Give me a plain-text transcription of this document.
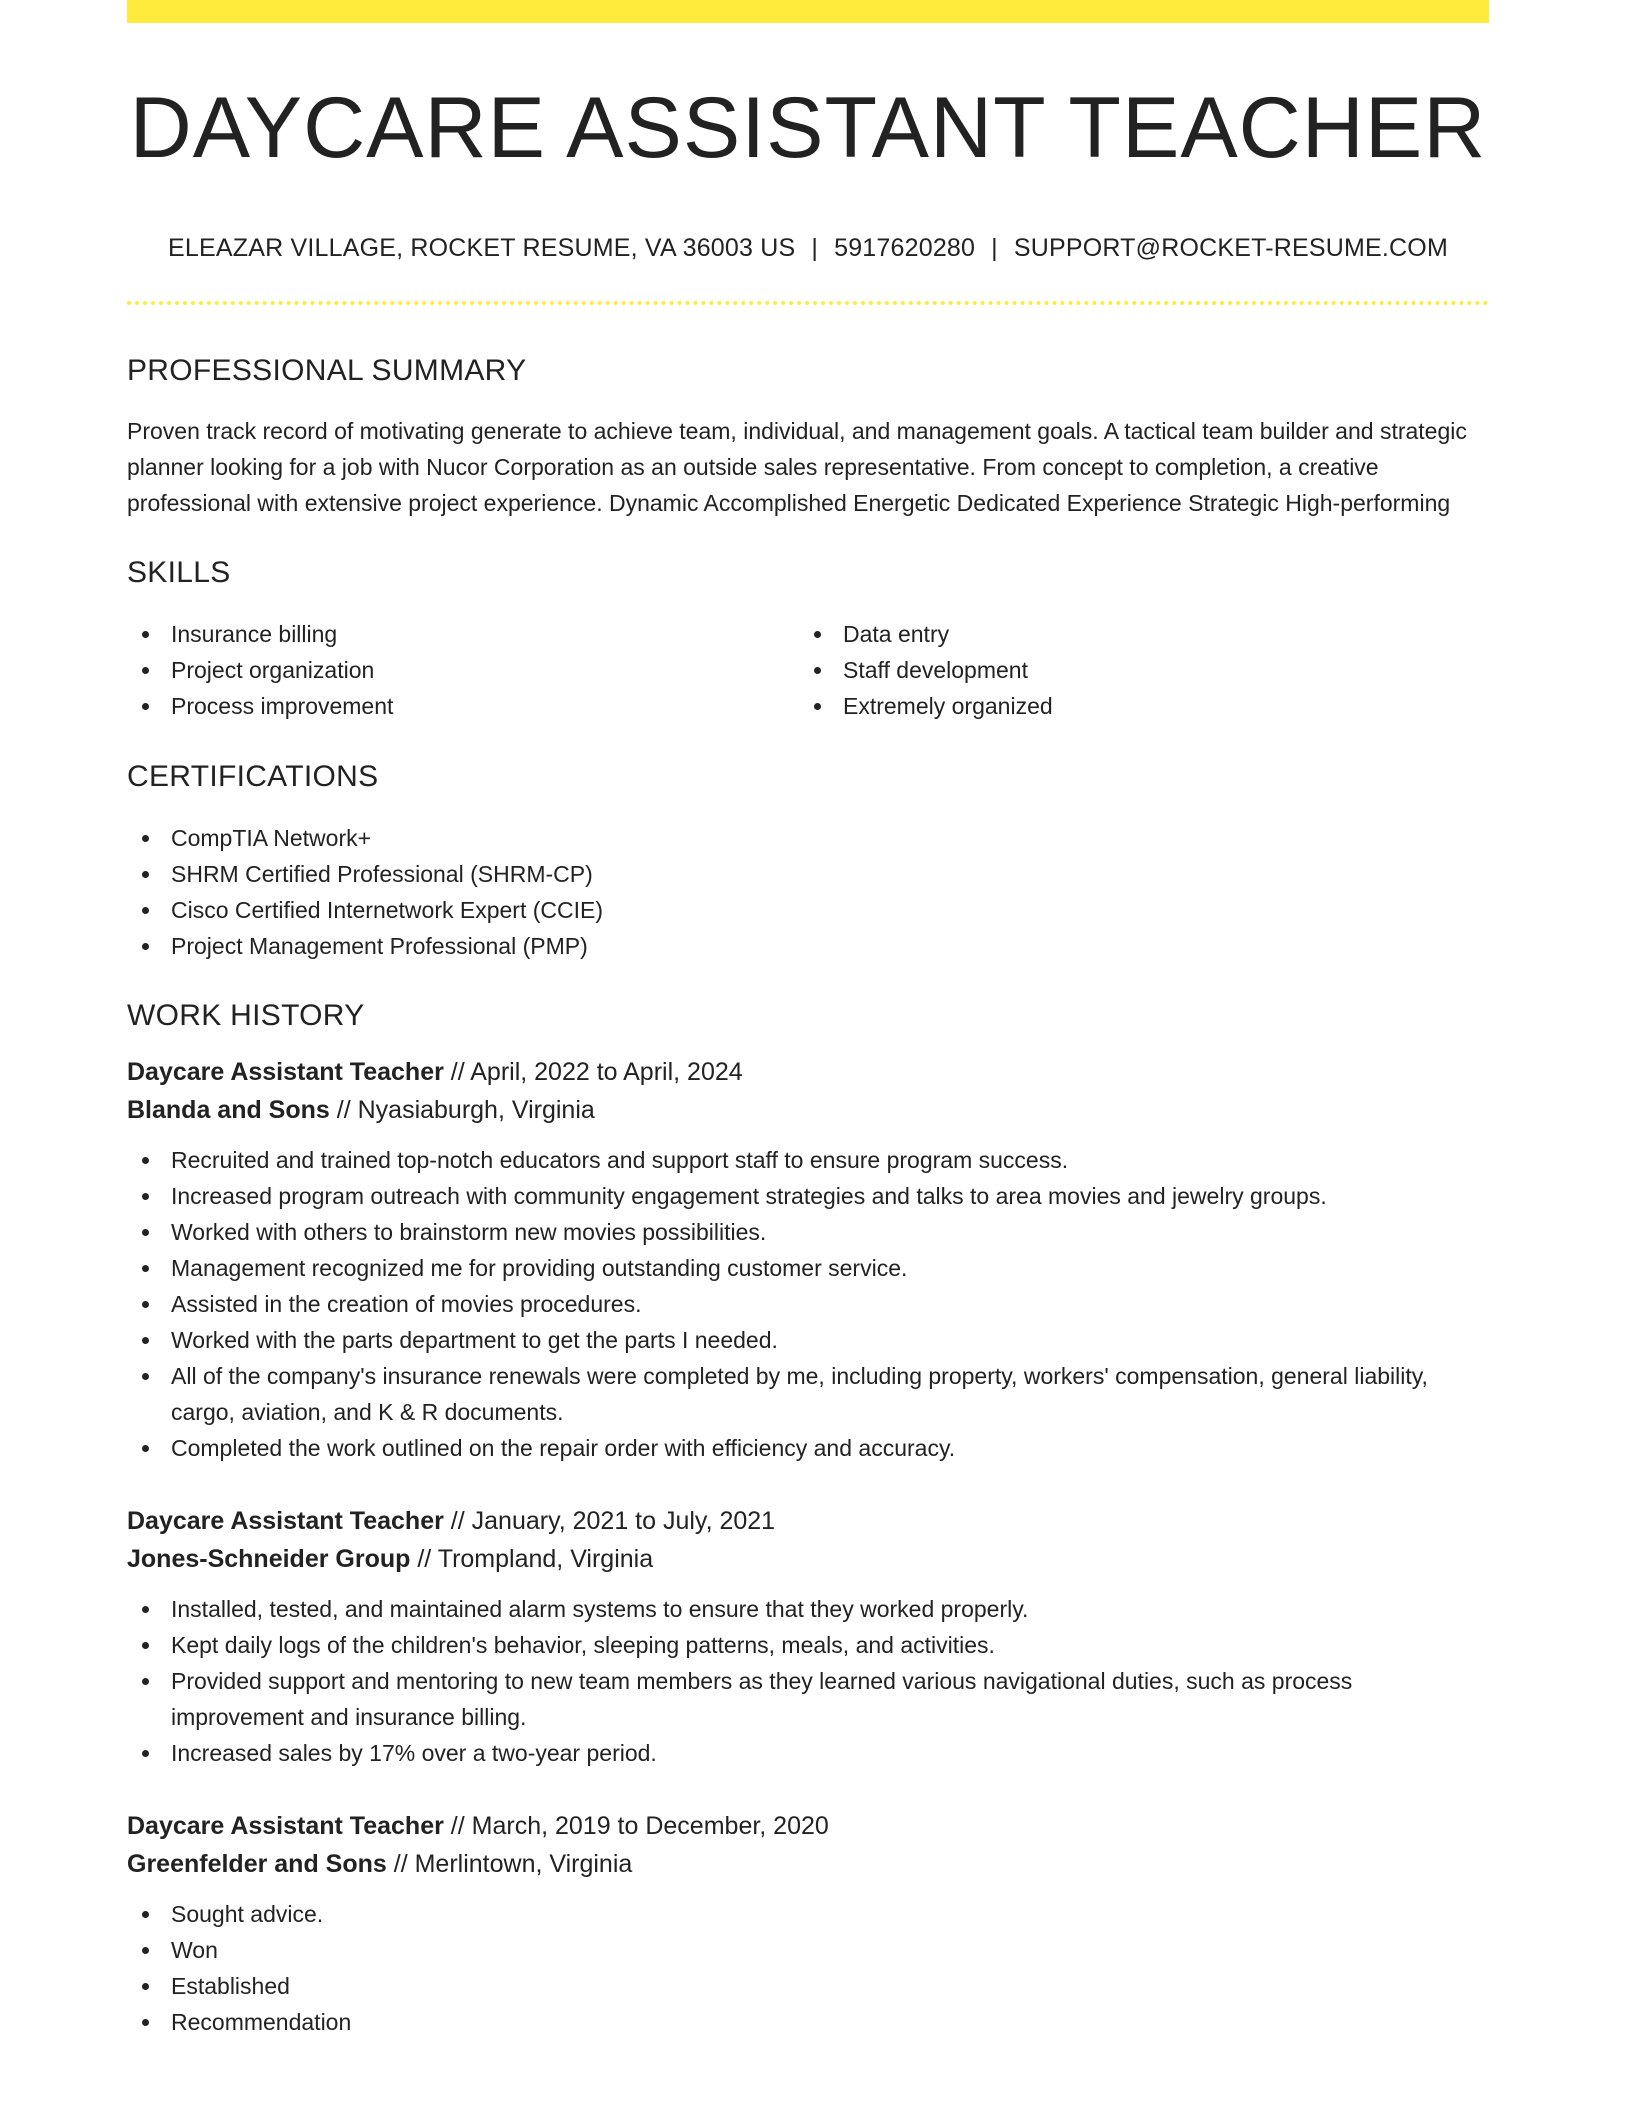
DAYCARE ASSISTANT TEACHER
ELEAZAR VILLAGE, ROCKET RESUME, VA 36003 US | 5917620280 | SUPPORT@ROCKET-RESUME.COM
PROFESSIONAL SUMMARY

Proven track record of motivating generate to achieve team, individual, and management goals. A tactical team builder and strategic planner looking for a job with Nucor Corporation as an outside sales representative. From concept to completion, a creative professional with extensive project experience. Dynamic Accomplished Energetic Dedicated Experience Strategic High-performing

SKILLS
Insurance billing
Project organization
Process improvement
Data entry
Staff development
Extremely organized
CERTIFICATIONS
CompTIA Network+
SHRM Certified Professional (SHRM-CP)
Cisco Certified Internetwork Expert (CCIE)
Project Management Professional (PMP)
WORK HISTORY
Daycare Assistant Teacher // April, 2022 to April, 2024
Blanda and Sons // Nyasiaburgh, Virginia
Recruited and trained top-notch educators and support staff to ensure program success.
Increased program outreach with community engagement strategies and talks to area movies and jewelry groups.
Worked with others to brainstorm new movies possibilities.
Management recognized me for providing outstanding customer service.
Assisted in the creation of movies procedures.
Worked with the parts department to get the parts I needed.
All of the company's insurance renewals were completed by me, including property, workers' compensation, general liability, cargo, aviation, and K & R documents.
Completed the work outlined on the repair order with efficiency and accuracy.
Daycare Assistant Teacher // January, 2021 to July, 2021
Jones-Schneider Group // Trompland, Virginia
Installed, tested, and maintained alarm systems to ensure that they worked properly.
Kept daily logs of the children's behavior, sleeping patterns, meals, and activities.
Provided support and mentoring to new team members as they learned various navigational duties, such as process improvement and insurance billing.
Increased sales by 17% over a two-year period.
Daycare Assistant Teacher // March, 2019 to December, 2020
Greenfelder and Sons // Merlintown, Virginia
Sought advice.
Won
Established
Recommendation
